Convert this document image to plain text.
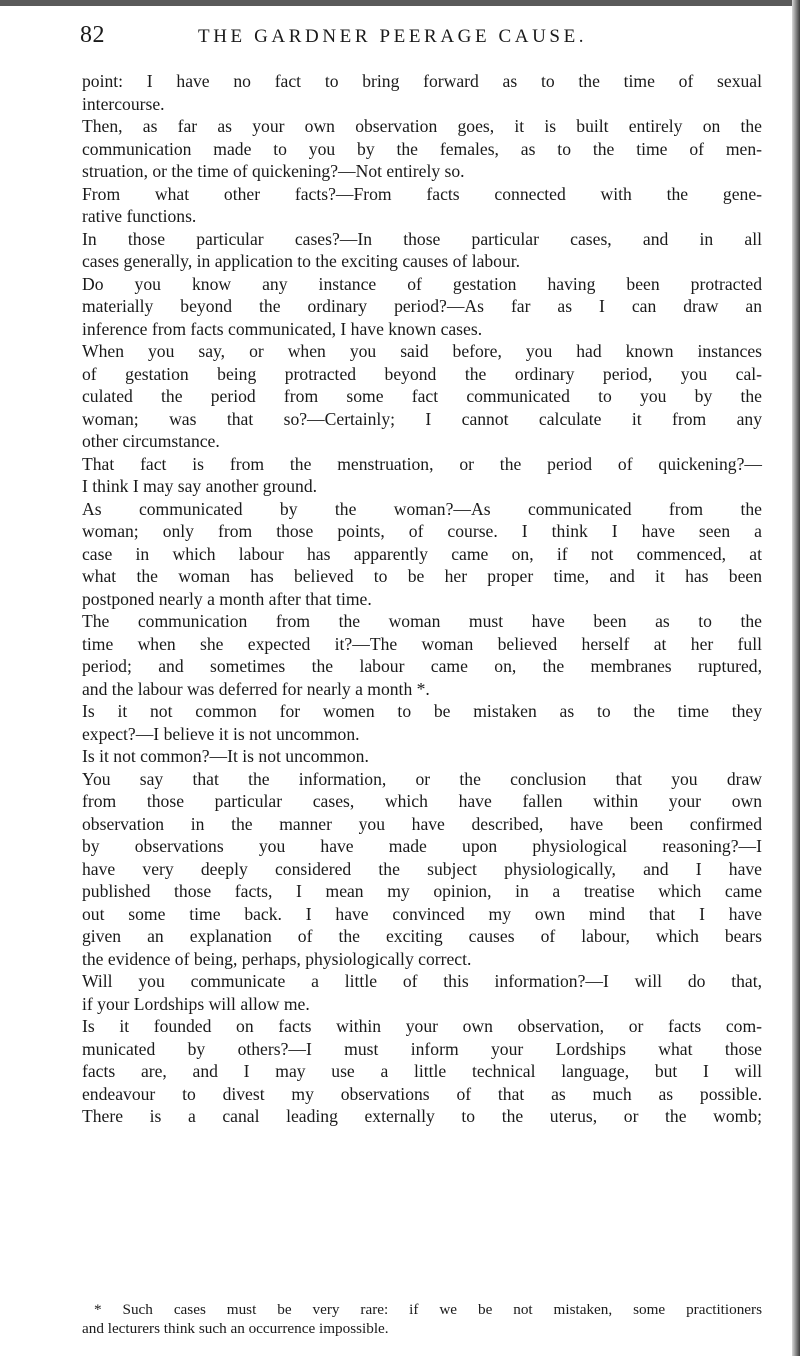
82	THE GARDNER PEERAGE CAUSE.
point: I have no fact to bring forward as to the time of sexual
intercourse.
Then, as far as your own observation goes, it is built entirely on the
communication made to you by the females, as to the time of men-
struation, or the time of quickening?—Not entirely so.
From what other facts?—From facts connected with the gene-
rative functions.
In those particular cases?—In those particular cases, and in all
cases generally, in application to the exciting causes of labour.
Do you know any instance of gestation having been protracted
materially beyond the ordinary period?—As far as I can draw an
inference from facts communicated, I have known cases.
When you say, or when you said before, you had known instances
of gestation being protracted beyond the ordinary period, you cal-
culated the period from some fact communicated to you by the
woman; was that so?—Certainly; I cannot calculate it from any
other circumstance.
That fact is from the menstruation, or the period of quickening?—
I think I may say another ground.
As communicated by the woman?—As communicated from the
woman; only from those points, of course. I think I have seen a
case in which labour has apparently came on, if not commenced, at
what the woman has believed to be her proper time, and it has been
postponed nearly a month after that time.
The communication from the woman must have been as to the
time when she expected it?—The woman believed herself at her full
period; and sometimes the labour came on, the membranes ruptured,
and the labour was deferred for nearly a month *.
Is it not common for women to be mistaken as to the time they
expect?—I believe it is not uncommon.
Is it not common?—It is not uncommon.
You say that the information, or the conclusion that you draw
from those particular cases, which have fallen within your own
observation in the manner you have described, have been confirmed
by observations you have made upon physiological reasoning?—I
have very deeply considered the subject physiologically, and I have
published those facts, I mean my opinion, in a treatise which came
out some time back. I have convinced my own mind that I have
given an explanation of the exciting causes of labour, which bears
the evidence of being, perhaps, physiologically correct.
Will you communicate a little of this information?—I will do that,
if your Lordships will allow me.
Is it founded on facts within your own observation, or facts com-
municated by others?—I must inform your Lordships what those
facts are, and I may use a little technical language, but I will
endeavour to divest my observations of that as much as possible.
There is a canal leading externally to the uterus, or the womb;
* Such cases must be very rare: if we be not mistaken, some practitioners
and lecturers think such an occurrence impossible.
